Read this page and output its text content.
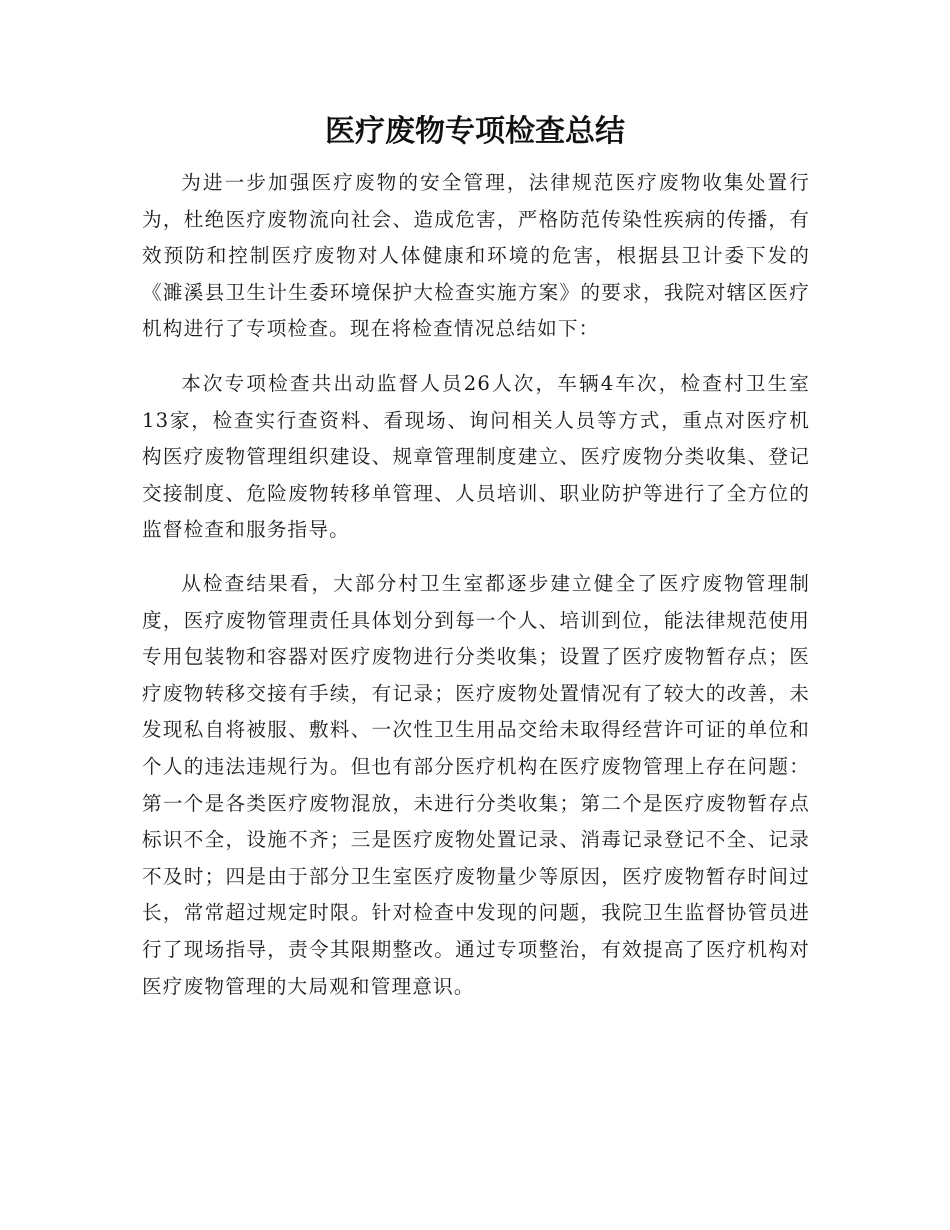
医疗废物专项检查总结

为进一步加强医疗废物的安全管理，法律规范医疗废物收集处置行为，杜绝医疗废物流向社会、造成危害，严格防范传染性疾病的传播，有效预防和控制医疗废物对人体健康和环境的危害，根据县卫计委下发的《濉溪县卫生计生委环境保护大检查实施方案》的要求，我院对辖区医疗机构进行了专项检查。现在将检查情况总结如下：

本次专项检查共出动监督人员26人次，车辆4车次，检查村卫生室13家，检查实行查资料、看现场、询问相关人员等方式，重点对医疗机构医疗废物管理组织建设、规章管理制度建立、医疗废物分类收集、登记交接制度、危险废物转移单管理、人员培训、职业防护等进行了全方位的监督检查和服务指导。

从检查结果看，大部分村卫生室都逐步建立健全了医疗废物管理制度，医疗废物管理责任具体划分到每一个人、培训到位，能法律规范使用专用包装物和容器对医疗废物进行分类收集；设置了医疗废物暂存点；医疗废物转移交接有手续，有记录；医疗废物处置情况有了较大的改善，未发现私自将被服、敷料、一次性卫生用品交给未取得经营许可证的单位和个人的违法违规行为。但也有部分医疗机构在医疗废物管理上存在问题：第一个是各类医疗废物混放，未进行分类收集；第二个是医疗废物暂存点标识不全，设施不齐；三是医疗废物处置记录、消毒记录登记不全、记录不及时；四是由于部分卫生室医疗废物量少等原因，医疗废物暂存时间过长，常常超过规定时限。针对检查中发现的问题，我院卫生监督协管员进行了现场指导，责令其限期整改。通过专项整治，有效提高了医疗机构对医疗废物管理的大局观和管理意识。
